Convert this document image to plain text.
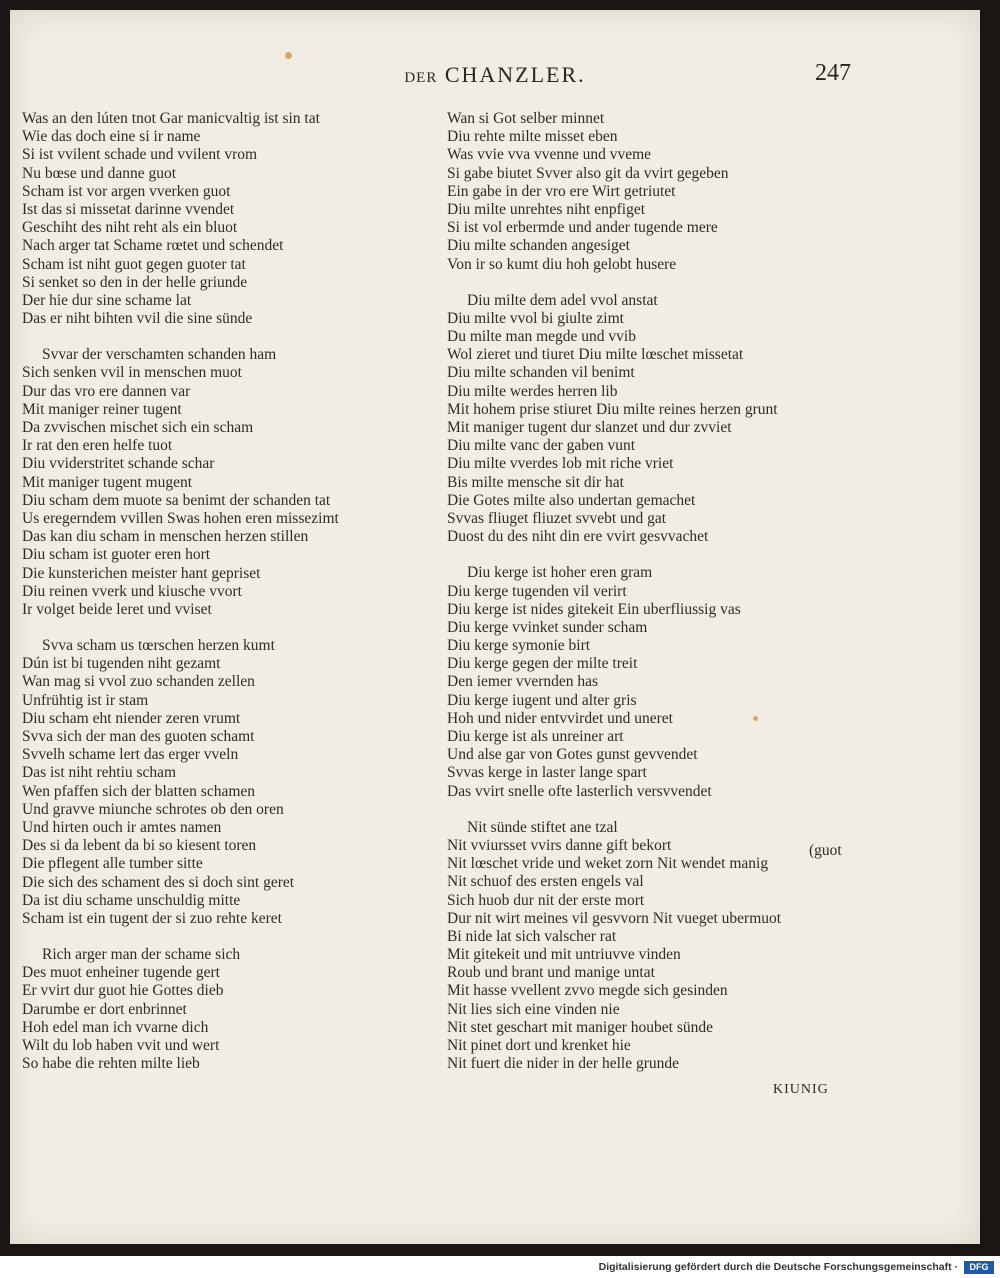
DER CHANZLER.	247
Was an den lúten tnot Gar manicvaltig ist sin tat
Wie das doch eine si ir name
Si ist vvilent schade und vvilent vrom
Nu bœse und danne guot
Scham ist vor argen vverken guot
Ist das si missetat darinne vvendet
Geschiht des niht reht als ein bluot
Nach arger tat Schame rœtet und schendet
Scham ist niht guot gegen guoter tat
Si senket so den in der helle griunde
Der hie dur sine schame lat
Das er niht bihten vvil die sine sünde
Svvar der verschamten schanden ham
Sich senken vvil in menschen muot
Dur das vro ere dannen var
Mit maniger reiner tugent
Da zvvischen mischet sich ein scham
Ir rat den eren helfe tuot
Diu vviderstritet schande schar
Mit maniger tugent mugent
Diu scham dem muote sa benimt der schanden tat
Us eregerndem vvillen Swas hohen eren missezimt
Das kan diu scham in menschen herzen stillen
Diu scham ist guoter eren hort
Die kunsterichen meister hant gepriset
Diu reinen vverk und kiusche vvort
Ir volget beide leret und vviset
Svva scham us tœrschen herzen kumt
Dún ist bi tugenden niht gezamt
Wan mag si vvol zuo schanden zellen
Unfrühtig ist ir stam
Diu scham eht niender zeren vrumt
Svva sich der man des guoten schamt
Svvelh schame lert das erger vveln
Das ist niht rehtiu scham
Wen pfaffen sich der blatten schamen
Und gravve miunche schrotes ob den oren
Und hirten ouch ir amtes namen
Des si da lebent da bi so kiesent toren
Die pflegent alle tumber sitte
Die sich des schament des si doch sint geret
Da ist diu schame unschuldig mitte
Scham ist ein tugent der si zuo rehte keret
Rich arger man der schame sich
Des muot enheiner tugende gert
Er vvirt dur guot hie Gottes dieb
Darumbe er dort enbrinnet
Hoh edel man ich vvarne dich
Wilt du lob haben vvit und wert
So habe die rehten milte lieb
Wan si Got selber minnet
Diu rehte milte misset eben
Was vvie vva vvenne und vveme
Si gabe biutet Svver also git da vvirt gegeben
Ein gabe in der vro ere Wirt getriutet
Diu milte unrehtes niht enpfiget
Si ist vol erbermde und ander tugende mere
Diu milte schanden angesiget
Von ir so kumt diu hoh gelobt husere
Diu milte dem adel vvol anstat
Diu milte vvol bi giulte zimt
Du milte man megde und vvib
Wol zieret und tiuret Diu milte lœschet missetat
Diu milte schanden vil benimt
Diu milte werdes herren lib
Mit hohem prise stiuret Diu milte reines herzen grunt
Mit maniger tugent dur slanzet und dur zvviet
Diu milte vanc der gaben vunt
Diu milte vverdes lob mit riche vriet
Bis milte mensche sit dir hat
Die Gotes milte also undertan gemachet
Svvas fliuget fliuzet svvebt und gat
Duost du des niht din ere vvirt gesvvachet
Diu kerge ist hoher eren gram
Diu kerge tugenden vil verirt
Diu kerge ist nides gitekeit Ein uberfliussig vas
Diu kerge vvinket sunder scham
Diu kerge symonie birt
Diu kerge gegen der milte treit
Den iemer vvernden has
Diu kerge iugent und alter gris
Hoh und nider entvvirdet und uneret
Diu kerge ist als unreiner art
Und alse gar von Gotes gunst gevvendet
Svvas kerge in laster lange spart
Das vvirt snelle ofte lasterlich versvvendet
Nit sünde stiftet ane tzal
Nit vviursset vvirs danne gift bekort
Nit lœschet vride und weket zorn Nit wendet manig
Nit schuof des ersten engels val
Sich huob dur nit der erste mort
Dur nit wirt meines vil gesvvorn Nit vueget ubermuot
Bi nide lat sich valscher rat
Mit gitekeit und mit untriuvve vinden
Roub und brant und manige untat
Mit hasse vvellent zvvo megde sich gesinden
Nit lies sich eine vinden nie
Nit stet geschart mit maniger houbet sünde
Nit pinet dort und krenket hie
Nit fuert die nider in der helle grunde
(guot
KIUNIG
Digitalisierung gefördert durch die Deutsche Forschungsgemeinschaft ·	DFG
